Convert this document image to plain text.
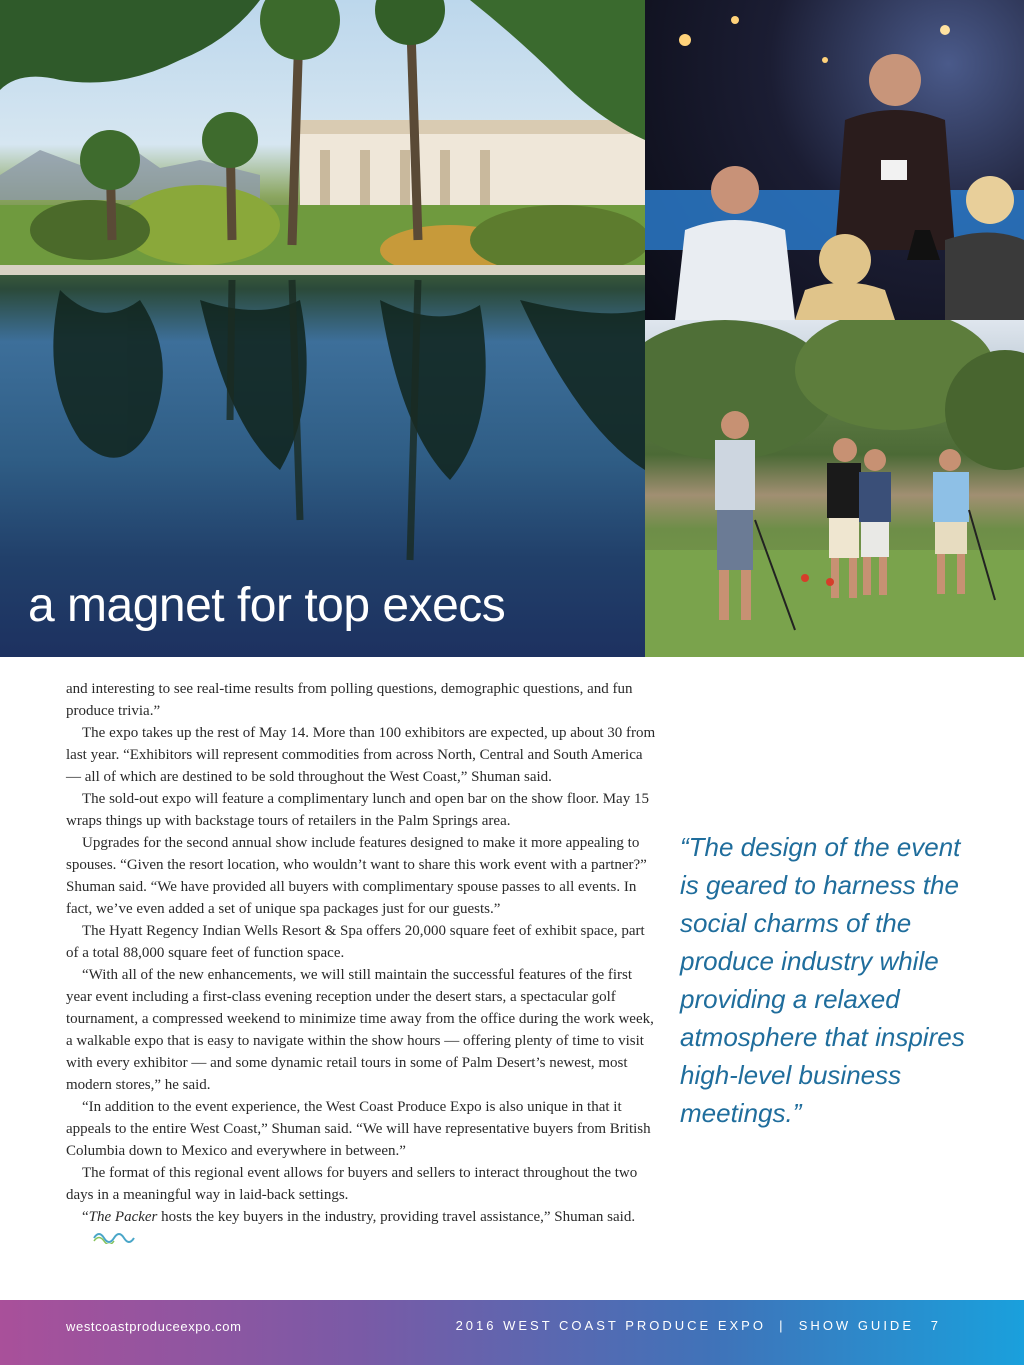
a magnet for top execs

and interesting to see real-time results from polling questions, demographic questions, and fun produce trivia.”

The expo takes up the rest of May 14. More than 100 exhibitors are expected, up about 30 from last year. “Exhibitors will represent commodities from across North, Central and South America — all of which are destined to be sold throughout the West Coast,” Shuman said.

The sold-out expo will feature a complimentary lunch and open bar on the show floor. May 15 wraps things up with backstage tours of retailers in the Palm Springs area.

Upgrades for the second annual show include features designed to make it more appealing to spouses. “Given the resort location, who wouldn’t want to share this work event with a partner?” Shuman said. “We have provided all buyers with complimentary spouse passes to all events. In fact, we’ve even added a set of unique spa packages just for our guests.”

The Hyatt Regency Indian Wells Resort & Spa offers 20,000 square feet of exhibit space, part of a total 88,000 square feet of function space.

“With all of the new enhancements, we will still maintain the successful features of the first year event including a first-class evening reception under the desert stars, a spectacular golf tournament, a compressed weekend to minimize time away from the office during the work week, a walkable expo that is easy to navigate within the show hours — offering plenty of time to visit with every exhibitor — and some dynamic retail tours in some of Palm Desert’s newest, most modern stores,” he said.

“In addition to the event experience, the West Coast Produce Expo is also unique in that it appeals to the entire West Coast,” Shuman said. “We will have representative buyers from British Columbia down to Mexico and everywhere in between.”

The format of this regional event allows for buyers and sellers to interact throughout the two days in a meaningful way in laid-back settings.

“The Packer hosts the key buyers in the industry, providing travel assistance,” Shuman said.

“The design of the event is geared to harness the social charms of the produce industry while providing a relaxed atmosphere that inspires high-level business meetings.”

westcoastproduceexpo.com	2016 WEST COAST PRODUCE EXPO  |  SHOW GUIDE 7
